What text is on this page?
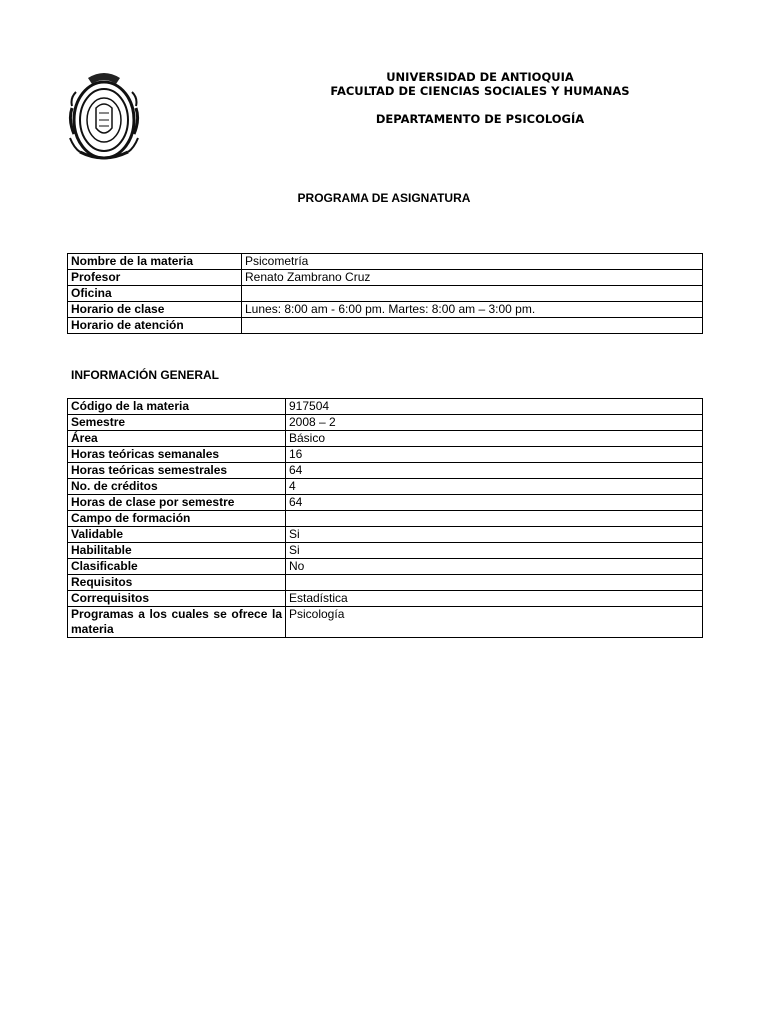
UNIVERSIDAD DE ANTIOQUIA
FACULTAD DE CIENCIAS SOCIALES Y HUMANAS
DEPARTAMENTO DE PSICOLOGÍA
PROGRAMA DE ASIGNATURA
Nombre de la materia	Psicometría
Profesor	Renato Zambrano Cruz
Oficina	
Horario de clase	Lunes: 8:00 am - 6:00 pm. Martes: 8:00 am – 3:00 pm.
Horario de atención	
INFORMACIÓN GENERAL
Código de la materia	917504
Semestre	2008 – 2
Área	Básico
Horas teóricas semanales	16
Horas teóricas semestrales	64
No. de créditos	4
Horas de clase por semestre	64
Campo de formación	
Validable	Si
Habilitable	Si
Clasificable	No
Requisitos	
Correquisitos	Estadística
Programas a los cuales se ofrece la materia	Psicología
